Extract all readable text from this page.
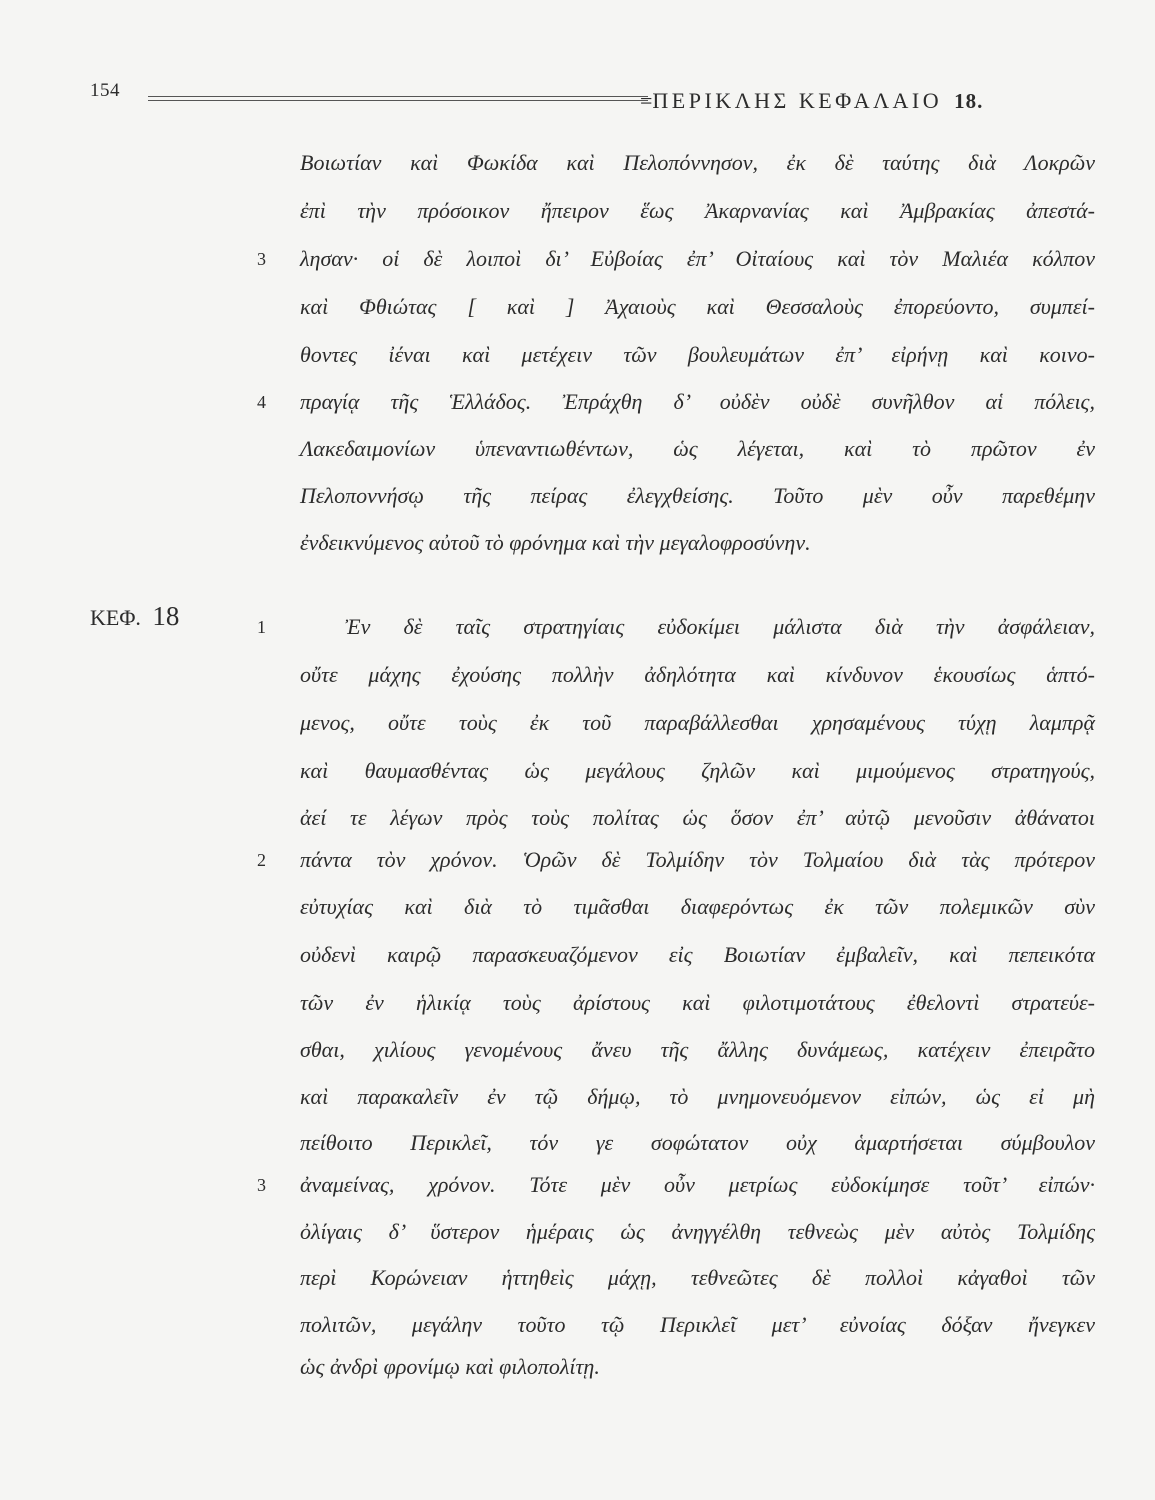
154	=ΠΕΡΙΚΛΗΣ ΚΕΦΑΛΑΙΟ 18.
Βοιωτίαν καὶ Φωκίδα καὶ Πελοπόννησον, ἐκ δὲ ταύτης διὰ Λοκρῶν
ἐπὶ τὴν πρόσοικον ἤπειρον ἕως Ἀκαρνανίας καὶ Ἀμβρακίας ἀπεστά-
3 λησαν· οἱ δὲ λοιποὶ δι’ Εὐβοίας ἐπ’ Οἰταίους καὶ τὸν Μαλιέα κόλπον
καὶ Φθιώτας [ καὶ ] Ἀχαιοὺς καὶ Θεσσαλοὺς ἐπορεύοντο, συμπεί-
θοντες ἰέναι καὶ μετέχειν τῶν βουλευμάτων ἐπ’ εἰρήνῃ καὶ κοινο-
4 πραγίᾳ τῆς Ἑλλάδος. Ἐπράχθη δ’ οὐδὲν οὐδὲ συνῆλθον αἱ πόλεις,
Λακεδαιμονίων ὑπεναντιωθέντων, ὡς λέγεται, καὶ τὸ πρῶτον ἐν
Πελοποννήσῳ τῆς πείρας ἐλεγχθείσης. Τοῦτο μὲν οὖν παρεθέμην
ἐνδεικνύμενος αὐτοῦ τὸ φρόνημα καὶ τὴν μεγαλοφροσύνην.
ΚΕΦ. 18	1	Ἐν δὲ ταῖς στρατηγίαις εὐδοκίμει μάλιστα διὰ τὴν ἀσφάλειαν,
οὔτε μάχης ἐχούσης πολλὴν ἀδηλότητα καὶ κίνδυνον ἑκουσίως ἁπτό-
μενος, οὔτε τοὺς ἐκ τοῦ παραβάλλεσθαι χρησαμένους τύχῃ λαμπρᾷ
καὶ θαυμασθέντας ὡς μεγάλους ζηλῶν καὶ μιμούμενος στρατηγούς,
ἀεί τε λέγων πρὸς τοὺς πολίτας ὡς ὅσον ἐπ’ αὐτῷ μενοῦσιν ἀθάνατοι
2 πάντα τὸν χρόνον. Ὁρῶν δὲ Τολμίδην τὸν Τολμαίου διὰ τὰς πρότερον
εὐτυχίας καὶ διὰ τὸ τιμᾶσθαι διαφερόντως ἐκ τῶν πολεμικῶν σὺν
οὐδενὶ καιρῷ παρασκευαζόμενον εἰς Βοιωτίαν ἐμβαλεῖν, καὶ πεπεικότα
τῶν ἐν ἡλικίᾳ τοὺς ἀρίστους καὶ φιλοτιμοτάτους ἐθελοντὶ στρατεύε-
σθαι, χιλίους γενομένους ἄνευ τῆς ἄλλης δυνάμεως, κατέχειν ἐπειρᾶτο
καὶ παρακαλεῖν ἐν τῷ δήμῳ, τὸ μνημονευόμενον εἰπών, ὡς εἰ μὴ
πείθοιτο Περικλεῖ, τόν γε σοφώτατον οὐχ ἁμαρτήσεται σύμβουλον
3 ἀναμείνας, χρόνον. Τότε μὲν οὖν μετρίως εὐδοκίμησε τοῦτ’ εἰπών·
ὀλίγαις δ’ ὕστερον ἡμέραις ὡς ἀνηγγέλθη τεθνεὼς μὲν αὐτὸς Τολμίδης
περὶ Κορώνειαν ἡττηθεὶς μάχῃ, τεθνεῶτες δὲ πολλοὶ κἀγαθοὶ τῶν
πολιτῶν, μεγάλην τοῦτο τῷ Περικλεῖ μετ’ εὐνοίας δόξαν ἤνεγκεν
ὡς ἀνδρὶ φρονίμῳ καὶ φιλοπολίτῃ.
